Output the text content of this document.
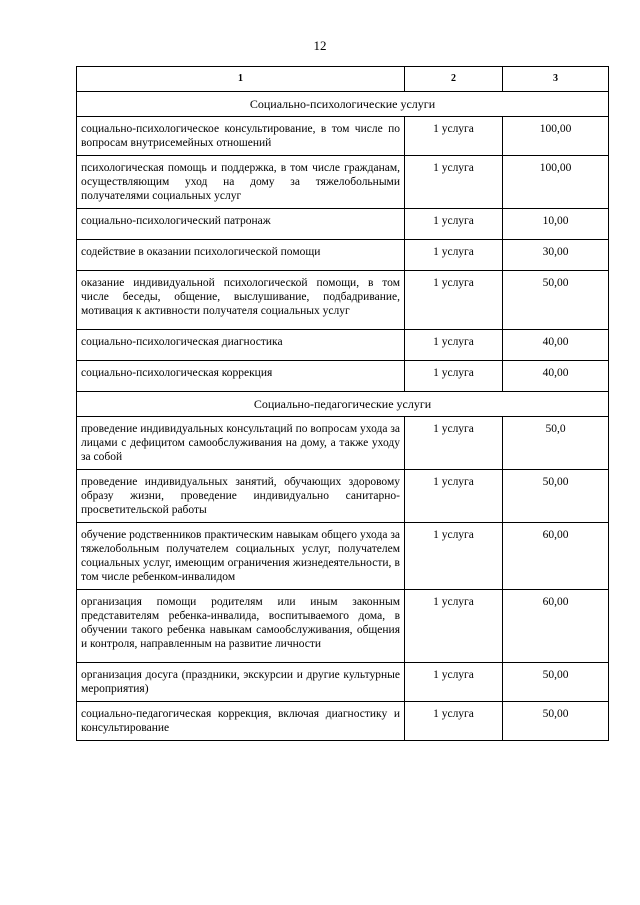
12
1	2	3
Социально-психологические услуги		
социально-психологическое консультирование, в том числе по вопросам внутрисемейных отношений	1 услуга	100,00
психологическая помощь и поддержка, в том числе гражданам, осуществляющим уход на дому за тяжелобольными получателями социальных услуг	1 услуга	100,00
социально-психологический патронаж	1 услуга	10,00
содействие в оказании психологической помощи	1 услуга	30,00
оказание индивидуальной психологической помощи, в том числе беседы, общение, выслушивание, подбадривание, мотивация к активности получателя социальных услуг	1 услуга	50,00
социально-психологическая диагностика	1 услуга	40,00
социально-психологическая коррекция	1 услуга	40,00
Социально-педагогические услуги		
проведение индивидуальных консультаций по вопросам ухода за лицами с дефицитом самообслуживания на дому, а также уходу за собой	1 услуга	50,0
проведение индивидуальных занятий, обучающих здоровому образу жизни, проведение индивидуально санитарно-просветительской работы	1 услуга	50,00
обучение родственников практическим навыкам общего ухода за тяжелобольным получателем социальных услуг, получателем социальных услуг, имеющим ограничения жизнедеятельности, в том числе ребенком-инвалидом	1 услуга	60,00
организация помощи родителям или иным законным представителям ребенка-инвалида, воспитываемого дома, в обучении такого ребенка навыкам самообслуживания, общения и контроля, направленным на развитие личности	1 услуга	60,00
организация досуга (праздники, экскурсии и другие культурные мероприятия)	1 услуга	50,00
социально-педагогическая коррекция, включая диагностику и консультирование	1 услуга	50,00
